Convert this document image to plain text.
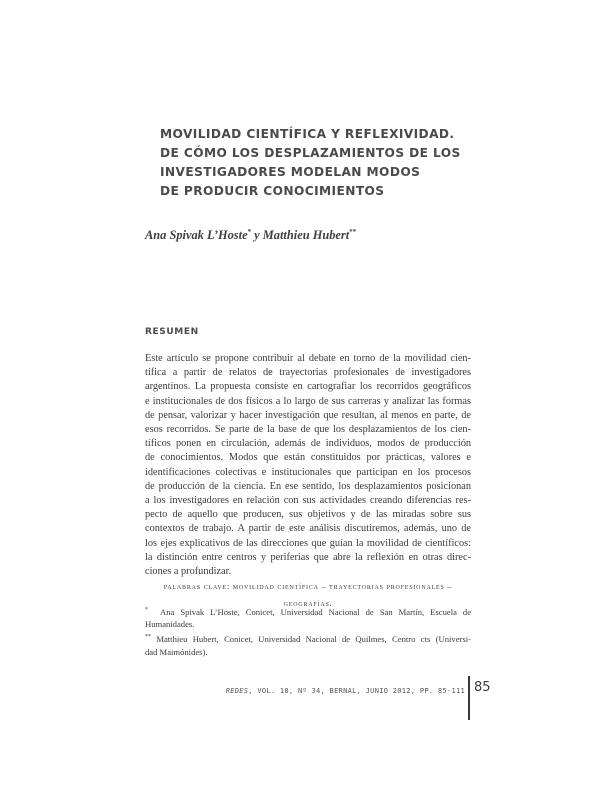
MOVILIDAD CIENTÍFICA Y REFLEXIVIDAD.
DE CÓMO LOS DESPLAZAMIENTOS DE LOS
INVESTIGADORES MODELAN MODOS
DE PRODUCIR CONOCIMIENTOS
Ana Spivak L’Hoste* y Matthieu Hubert**
RESUMEN
Este artículo se propone contribuir al debate en torno de la movilidad cien-
tífica a partir de relatos de trayectorias profesionales de investigadores
argentinos. La propuesta consiste en cartografiar los recorridos geográficos
e institucionales de dos físicos a lo largo de sus carreras y analizar las formas
de pensar, valorizar y hacer investigación que resultan, al menos en parte, de
esos recorridos. Se parte de la base de que los desplazamientos de los cien-
tíficos ponen en circulación, además de individuos, modos de producción
de conocimientos. Modos que están constituidos por prácticas, valores e
identificaciones colectivas e institucionales que participan en los procesos
de producción de la ciencia. En ese sentido, los desplazamientos posicionan
a los investigadores en relación con sus actividades creando diferencias res-
pecto de aquello que producen, sus objetivos y de las miradas sobre sus
contextos de trabajo. A partir de este análisis discutiremos, además, uno de
los ejes explicativos de las direcciones que guían la movilidad de científicos:
la distinción entre centros y periferias que abre la reflexión en otras direc-
ciones a profundizar.
palabras clave: movilidad científica – trayectorias profesionales –
geografías.
* Ana Spivak L’Hoste, Conicet, Universidad Nacional de San Martín, Escuela de
Humanidades.
** Matthieu Hubert, Conicet, Universidad Nacional de Quilmes, Centro cts (Universi-
dad Maimónides).
REDES, VOL. 18, Nº 34, BERNAL, JUNIO 2012, PP. 85-111 85
